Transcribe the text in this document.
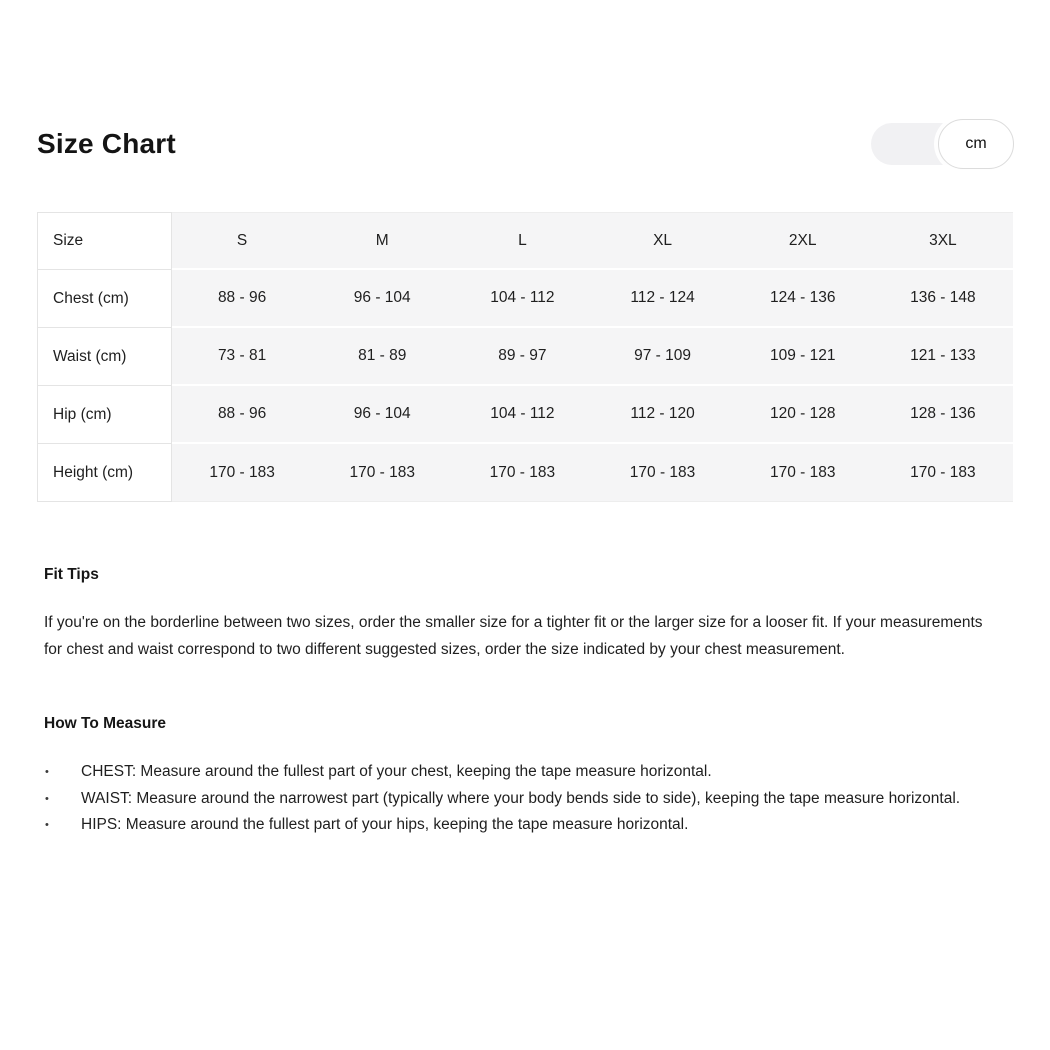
Size Chart	cm
Size	S	M	L	XL	2XL	3XL
Chest (cm)	88 - 96	96 - 104	104 - 112	112 - 124	124 - 136	136 - 148
Waist (cm)	73 - 81	81 - 89	89 - 97	97 - 109	109 - 121	121 - 133
Hip (cm)	88 - 96	96 - 104	104 - 112	112 - 120	120 - 128	128 - 136
Height (cm)	170 - 183	170 - 183	170 - 183	170 - 183	170 - 183	170 - 183
Fit Tips
If you're on the borderline between two sizes, order the smaller size for a tighter fit or the larger size for a looser fit. If your measurements for chest and waist correspond to two different suggested sizes, order the size indicated by your chest measurement.
How To Measure
• CHEST: Measure around the fullest part of your chest, keeping the tape measure horizontal.
• WAIST: Measure around the narrowest part (typically where your body bends side to side), keeping the tape measure horizontal.
• HIPS: Measure around the fullest part of your hips, keeping the tape measure horizontal.
